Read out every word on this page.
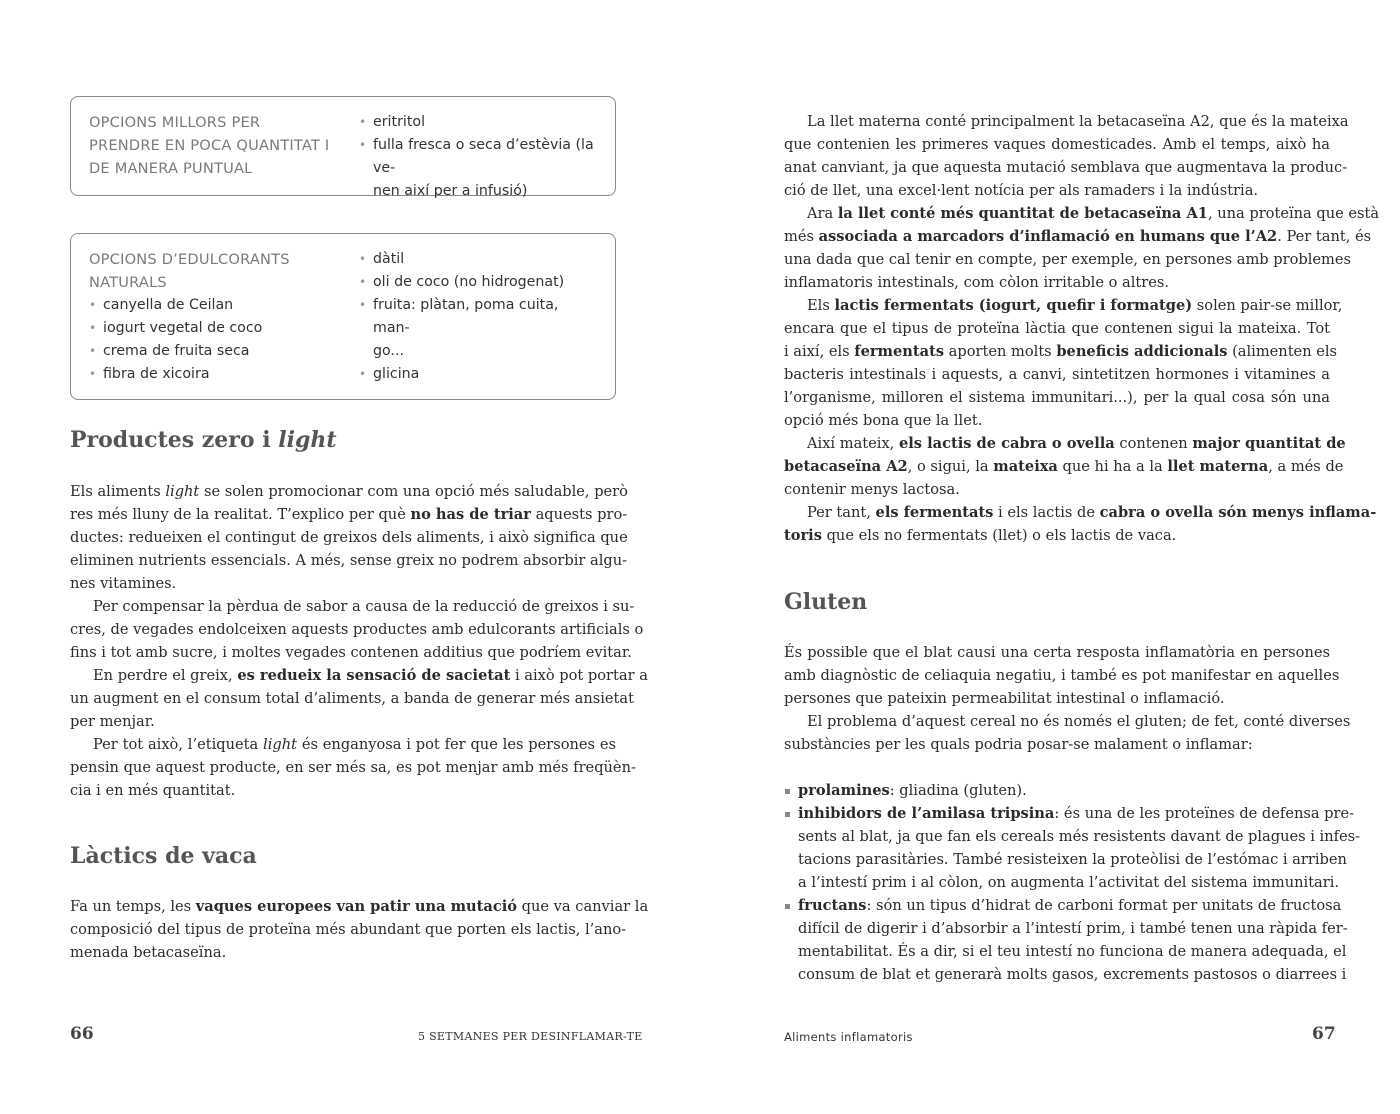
OPCIONS MILLORS PER
PRENDRE EN POCA QUANTITAT I
DE MANERA PUNTUAL
• eritritol
• fulla fresca o seca d’estèvia (la ve-
nen així per a infusió)
OPCIONS D’EDULCORANTS
NATURALS
• canyella de Ceilan
• iogurt vegetal de coco
• crema de fruita seca
• fibra de xicoira
• dàtil
• oli de coco (no hidrogenat)
• fruita: plàtan, poma cuita, man-
go...
• glicina
Productes zero i light
Els aliments light se solen promocionar com una opció més saludable, però
res més lluny de la realitat. T’explico per què no has de triar aquests pro-
ductes: redueixen el contingut de greixos dels aliments, i això significa que
eliminen nutrients essencials. A més, sense greix no podrem absorbir algu-
nes vitamines.
Per compensar la pèrdua de sabor a causa de la reducció de greixos i su-
cres, de vegades endolceixen aquests productes amb edulcorants artificials o
fins i tot amb sucre, i moltes vegades contenen additius que podríem evitar.
En perdre el greix, es redueix la sensació de sacietat i això pot portar a
un augment en el consum total d’aliments, a banda de generar més ansietat
per menjar.
Per tot això, l’etiqueta light és enganyosa i pot fer que les persones es
pensin que aquest producte, en ser més sa, es pot menjar amb més freqüèn-
cia i en més quantitat.
Làctics de vaca
Fa un temps, les vaques europees van patir una mutació que va canviar la
composició del tipus de proteïna més abundant que porten els lactis, l’ano-
menada betacaseïna.
66	5 SETMANES PER DESINFLAMAR-TE
La llet materna conté principalment la betacaseïna A2, que és la mateixa
que contenien les primeres vaques domesticades. Amb el temps, això ha
anat canviant, ja que aquesta mutació semblava que augmentava la produc-
ció de llet, una excel·lent notícia per als ramaders i la indústria.
Ara la llet conté més quantitat de betacaseïna A1, una proteïna que està
més associada a marcadors d’inflamació en humans que l’A2. Per tant, és
una dada que cal tenir en compte, per exemple, en persones amb problemes
inflamatoris intestinals, com còlon irritable o altres.
Els lactis fermentats (iogurt, quefir i formatge) solen pair-se millor,
encara que el tipus de proteïna làctia que contenen sigui la mateixa. Tot
i així, els fermentats aporten molts beneficis addicionals (alimenten els
bacteris intestinals i aquests, a canvi, sintetitzen hormones i vitamines a
l’organisme, milloren el sistema immunitari...), per la qual cosa són una
opció més bona que la llet.
Així mateix, els lactis de cabra o ovella contenen major quantitat de
betacaseïna A2, o sigui, la mateixa que hi ha a la llet materna, a més de
contenir menys lactosa.
Per tant, els fermentats i els lactis de cabra o ovella són menys inflama-
toris que els no fermentats (llet) o els lactis de vaca.
Gluten
És possible que el blat causi una certa resposta inflamatòria en persones
amb diagnòstic de celiaquia negatiu, i també es pot manifestar en aquelles
persones que pateixin permeabilitat intestinal o inflamació.
El problema d’aquest cereal no és només el gluten; de fet, conté diverses
substàncies per les quals podria posar-se malament o inflamar:
prolamines: gliadina (gluten).
inhibidors de l’amilasa tripsina: és una de les proteïnes de defensa pre-
sents al blat, ja que fan els cereals més resistents davant de plagues i infes-
tacions parasitàries. També resisteixen la proteòlisi de l’estómac i arriben
a l’intestí prim i al còlon, on augmenta l’activitat del sistema immunitari.
fructans: són un tipus d’hidrat de carboni format per unitats de fructosa
difícil de digerir i d’absorbir a l’intestí prim, i també tenen una ràpida fer-
mentabilitat. És a dir, si el teu intestí no funciona de manera adequada, el
consum de blat et generarà molts gasos, excrements pastosos o diarrees i
Aliments inflamatoris	67
